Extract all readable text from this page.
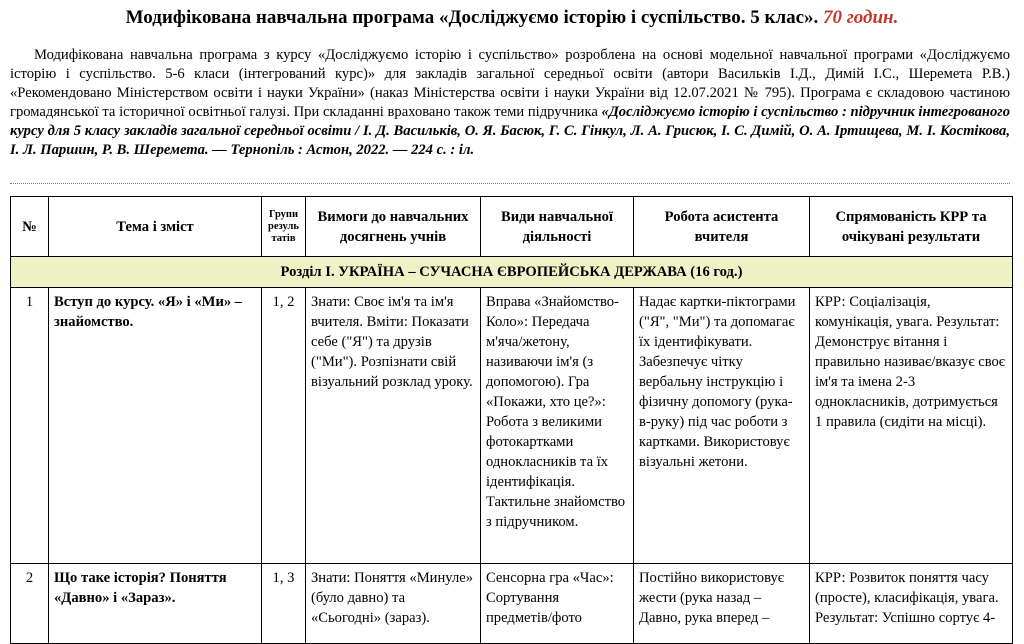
Модифікована навчальна програма «Досліджуємо історію і суспільство. 5 клас». 70 годин.
Модифікована навчальна програма з курсу «Досліджуємо історію і суспільство» розроблена на основі модельної навчальної програми «Досліджуємо історію і суспільство. 5-6 класи (інтегрований курс)» для закладів загальної середньої освіти (автори Васильків І.Д., Димій І.С., Шеремета Р.В.) «Рекомендовано Міністерством освіти і науки України» (наказ Міністерства освіти і науки України від 12.07.2021 № 795). Програма є складовою частиною громадянської та історичної освітньої галузі. При складанні враховано також теми підручника «Досліджуємо історію і суспільство : підручник інтегрованого курсу для 5 класу закладів загальної середньої освіти / І. Д. Васильків, О. Я. Басюк, Г. С. Гінкул, Л. А. Грисюк, І. С. Димій, О. А. Іртищева, М. І. Костікова, І. Л. Паршин, Р. В. Шеремета. — Тернопіль : Астон, 2022. — 224 с. : іл.
№	Тема і зміст	Групи резуль татів	Вимоги до навчальних досягнень учнів	Види навчальної діяльності	Робота асистента вчителя	Спрямованість КРР та очікувані результати
Розділ І. УКРАЇНА – СУЧАСНА ЄВРОПЕЙСЬКА ДЕРЖАВА (16 год.)						
1	Вступ до курсу. «Я» і «Ми» – знайомство.	1, 2	Знати: Своє ім'я та ім'я вчителя. Вміти: Показати себе ("Я") та друзів ("Ми"). Розпізнати свій візуальний розклад уроку.	Вправа «Знайомство-Коло»: Передача м'яча/жетону, називаючи ім'я (з допомогою). Гра «Покажи, хто це?»: Робота з великими фотокартками однокласників та їх ідентифікація. Тактильне знайомство з підручником.	Надає картки-піктограми ("Я", "Ми") та допомагає їх ідентифікувати. Забезпечує чітку вербальну інструкцію і фізичну допомогу (рука-в-руку) під час роботи з картками. Використовує візуальні жетони.	КРР: Соціалізація, комунікація, увага. Результат: Демонструє вітання і правильно називає/вказує своє ім'я та імена 2-3 однокласників, дотримується 1 правила (сидіти на місці).
2	Що таке історія? Поняття «Давно» і «Зараз».	1, 3	Знати: Поняття «Минуле» (було давно) та «Сьогодні» (зараз).	Сенсорна гра «Час»: Сортування предметів/фото	Постійно використовує жести (рука назад – Давно, рука вперед –	КРР: Розвиток поняття часу (просте), класифікація, увага. Результат: Успішно сортує 4-
